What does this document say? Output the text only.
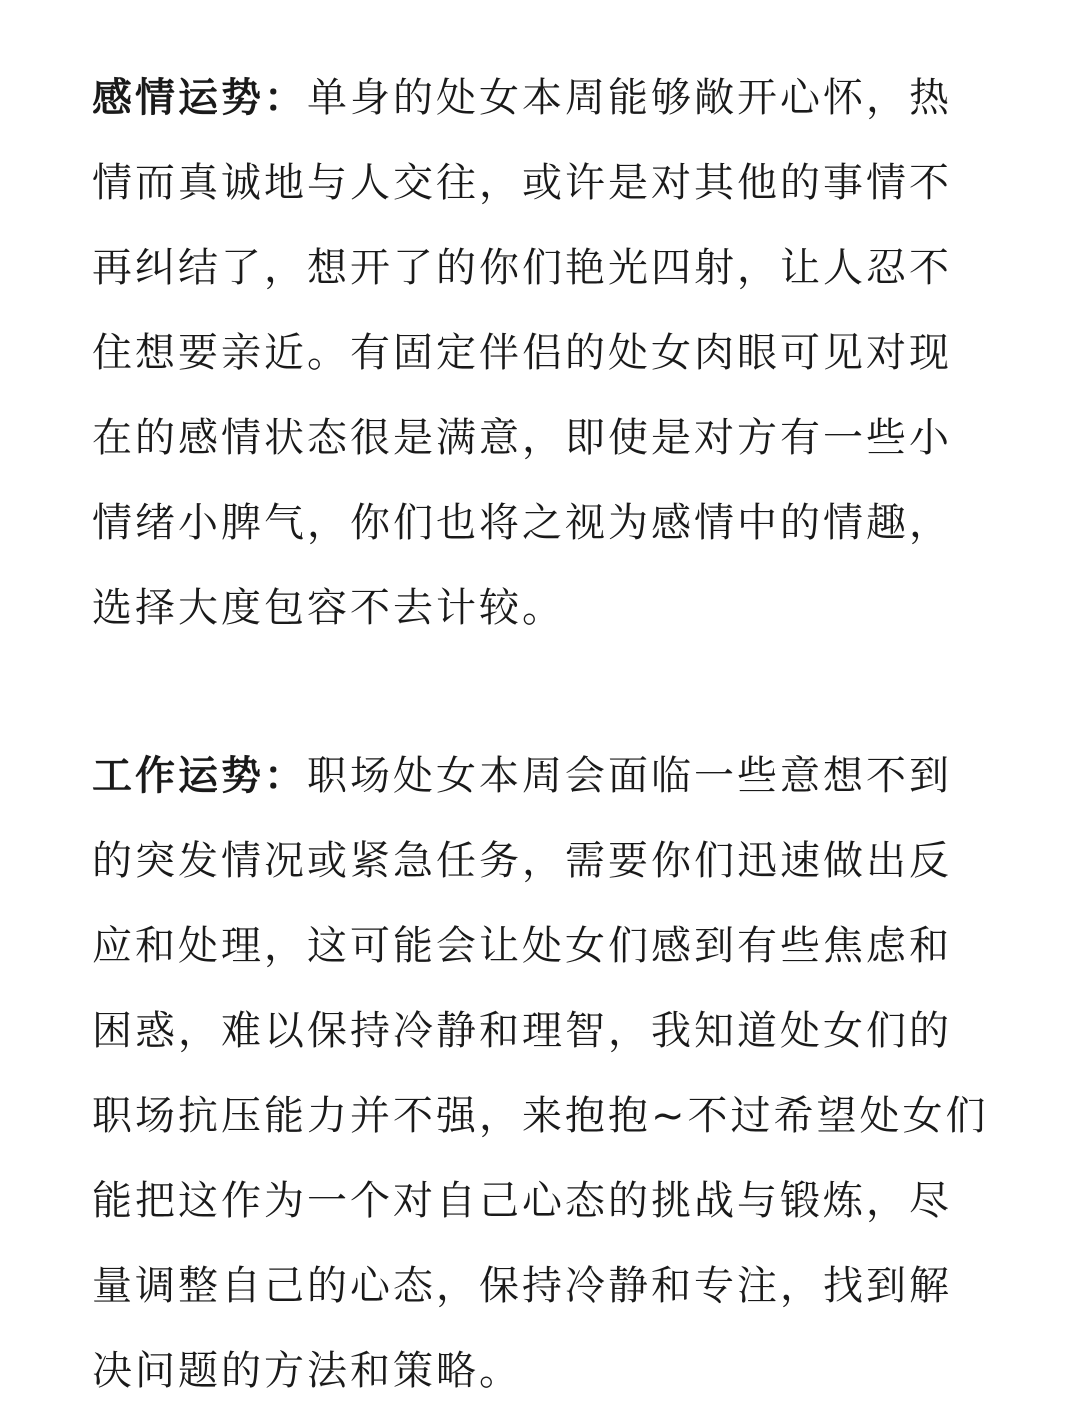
感情运势：单身的处女本周能够敞开心怀，热
情而真诚地与人交往，或许是对其他的事情不
再纠结了，想开了的你们艳光四射，让人忍不
住想要亲近。有固定伴侣的处女肉眼可见对现
在的感情状态很是满意，即使是对方有一些小
情绪小脾气，你们也将之视为感情中的情趣，
选择大度包容不去计较。

工作运势：职场处女本周会面临一些意想不到
的突发情况或紧急任务，需要你们迅速做出反
应和处理，这可能会让处女们感到有些焦虑和
困惑，难以保持冷静和理智，我知道处女们的
职场抗压能力并不强，来抱抱~不过希望处女们
能把这作为一个对自己心态的挑战与锻炼，尽
量调整自己的心态，保持冷静和专注，找到解
决问题的方法和策略。
